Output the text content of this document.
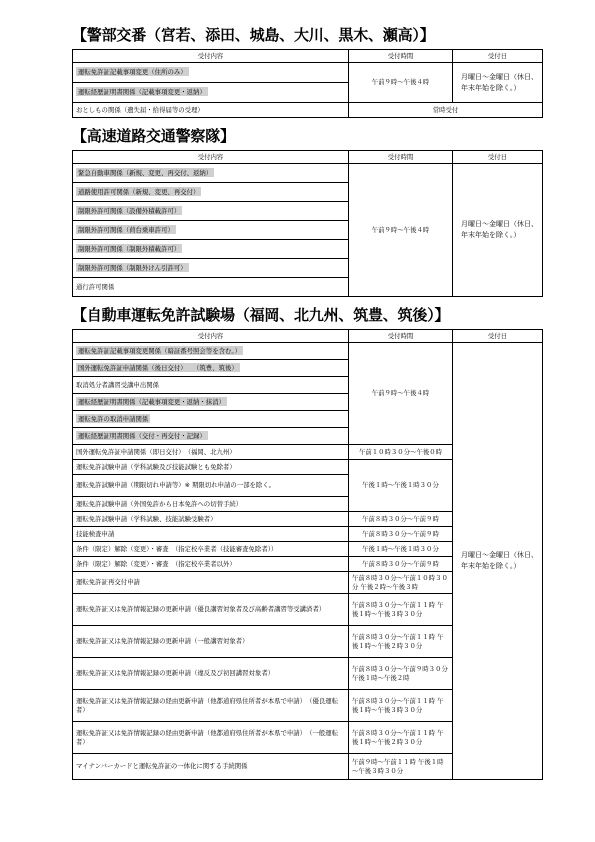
【警部交番（宮若、添田、城島、大川、黒木、瀬高）】
受付内容	受付時間	受付日
運転免許証記載事項変更（住所のみ）	午前９時～午後４時	月曜日～金曜日（休日、年末年始を除く。）
運転経歴証明書関係（記載事項変更・返納）		
おとしもの関係（遺失届・拾得届等の受理）	常時受付	
【高速道路交通警察隊】
受付内容	受付時間	受付日
緊急自動車関係（新規、変更、再交付、返納）	午前９時～午後４時	月曜日～金曜日（休日、年末年始を除く。）
道路使用許可関係（新規、変更、再交付）		
制限外許可関係（設備外積載許可）		
制限外許可関係（荷台乗車許可）		
制限外許可関係（制限外積載許可）		
制限外許可関係（制限外けん引許可）		
通行許可関係		
【自動車運転免許試験場（福岡、北九州、筑豊、筑後）】
受付内容	受付時間	受付日
運転免許証記載事項変更関係（暗証番号照会等を含む。）	午前９時～午後４時	月曜日～金曜日（休日、年末年始を除く。）
国外運転免許証申請関係（後日交付）　　（筑豊、筑後）		
取消処分者講習受講申出関係		
運転経歴証明書関係（記載事項変更・返納・抹消）		
運転免許の取消申請関係		
運転経歴証明書関係（交付・再交付・記録）		
国外運転免許証申請関係（即日交付）　（福岡、北九州）	午前１０時３０分～午後０時	
運転免許試験申請（学科試験及び技能試験とも免除者）	午後１時～午後１時３０分	
運転免許試験申請（期限切れ申請等）※ 期限切れ申請の一部を除く。		
運転免許試験申請（外国免許から日本免許への切替手続）		
運転免許試験申請（学科試験、技能試験受験者）	午前８時３０分～午前９時	
技能検査申請	午前８時３０分～午前９時	
条件（限定）解除（変更）・審査　（指定校卒業者（技能審査免除者））	午後１時～午後１時３０分	
条件（限定）解除（変更）・審査　（指定校卒業者以外）	午前８時３０分～午前９時	
運転免許証再交付申請	午前８時３０分～午前１０時３０分 午後２時～午後３時	
運転免許証又は免許情報記録の更新申請（優良講習対象者及び高齢者講習等受講済者）	午前８時３０分～午前１１時 午後１時～午後３時３０分	
運転免許証又は免許情報記録の更新申請（一般講習対象者）	午前８時３０分～午前１１時 午後１時～午後２時３０分	
運転免許証又は免許情報記録の更新申請（違反及び初回講習対象者）	午前８時３０分～午前９時３０分 午後１時～午後２時	
運転免許証又は免許情報記録の経由更新申請（他都道府県住所者が本県で申請）　（優良運転者）	午前８時３０分～午前１１時 午後１時～午後３時３０分	
運転免許証又は免許情報記録の経由更新申請（他都道府県住所者が本県で申請）　（一般運転者）	午前８時３０分～午前１１時 午後１時～午後２時３０分	
マイナンバーカードと運転免許証の一体化に関する手続関係	午前９時～午前１１時 午後１時～午後３時３０分	
